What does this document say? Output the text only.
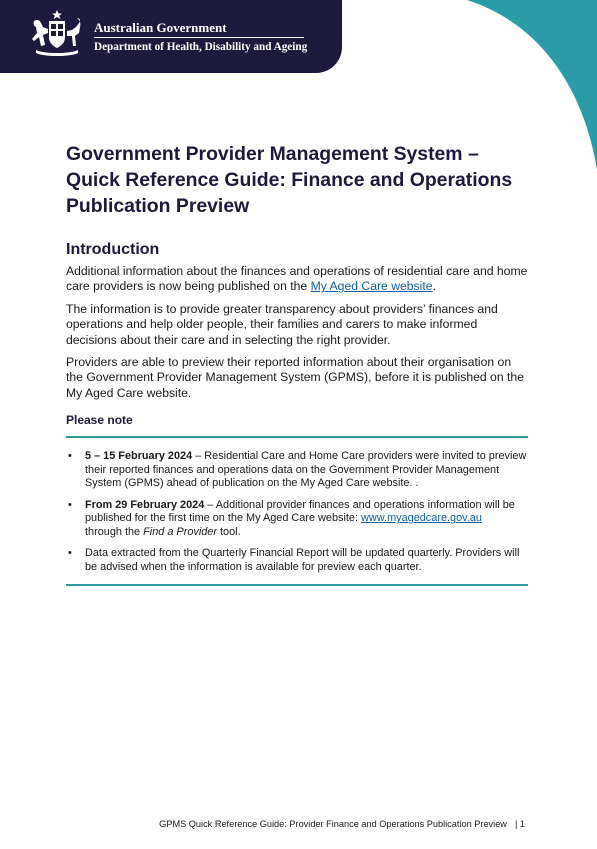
Australian Government
Department of Health, Disability and Ageing
Government Provider Management System – Quick Reference Guide: Finance and Operations Publication Preview
Introduction

Additional information about the finances and operations of residential care and home care providers is now being published on the My Aged Care website.

The information is to provide greater transparency about providers’ finances and operations and help older people, their families and carers to make informed decisions about their care and in selecting the right provider.

Providers are able to preview their reported information about their organisation on the Government Provider Management System (GPMS), before it is published on the My Aged Care website.

Please note
• 5 – 15 February 2024 – Residential Care and Home Care providers were invited to preview their reported finances and operations data on the Government Provider Management System (GPMS) ahead of publication on the My Aged Care website. .
• From 29 February 2024 – Additional provider finances and operations information will be published for the first time on the My Aged Care website: www.myagedcare.gov.au
through the Find a Provider tool.
• Data extracted from the Quarterly Financial Report will be updated quarterly. Providers will be advised when the information is available for preview each quarter.
GPMS Quick Reference Guide: Provider Finance and Operations Publication Preview | 1
